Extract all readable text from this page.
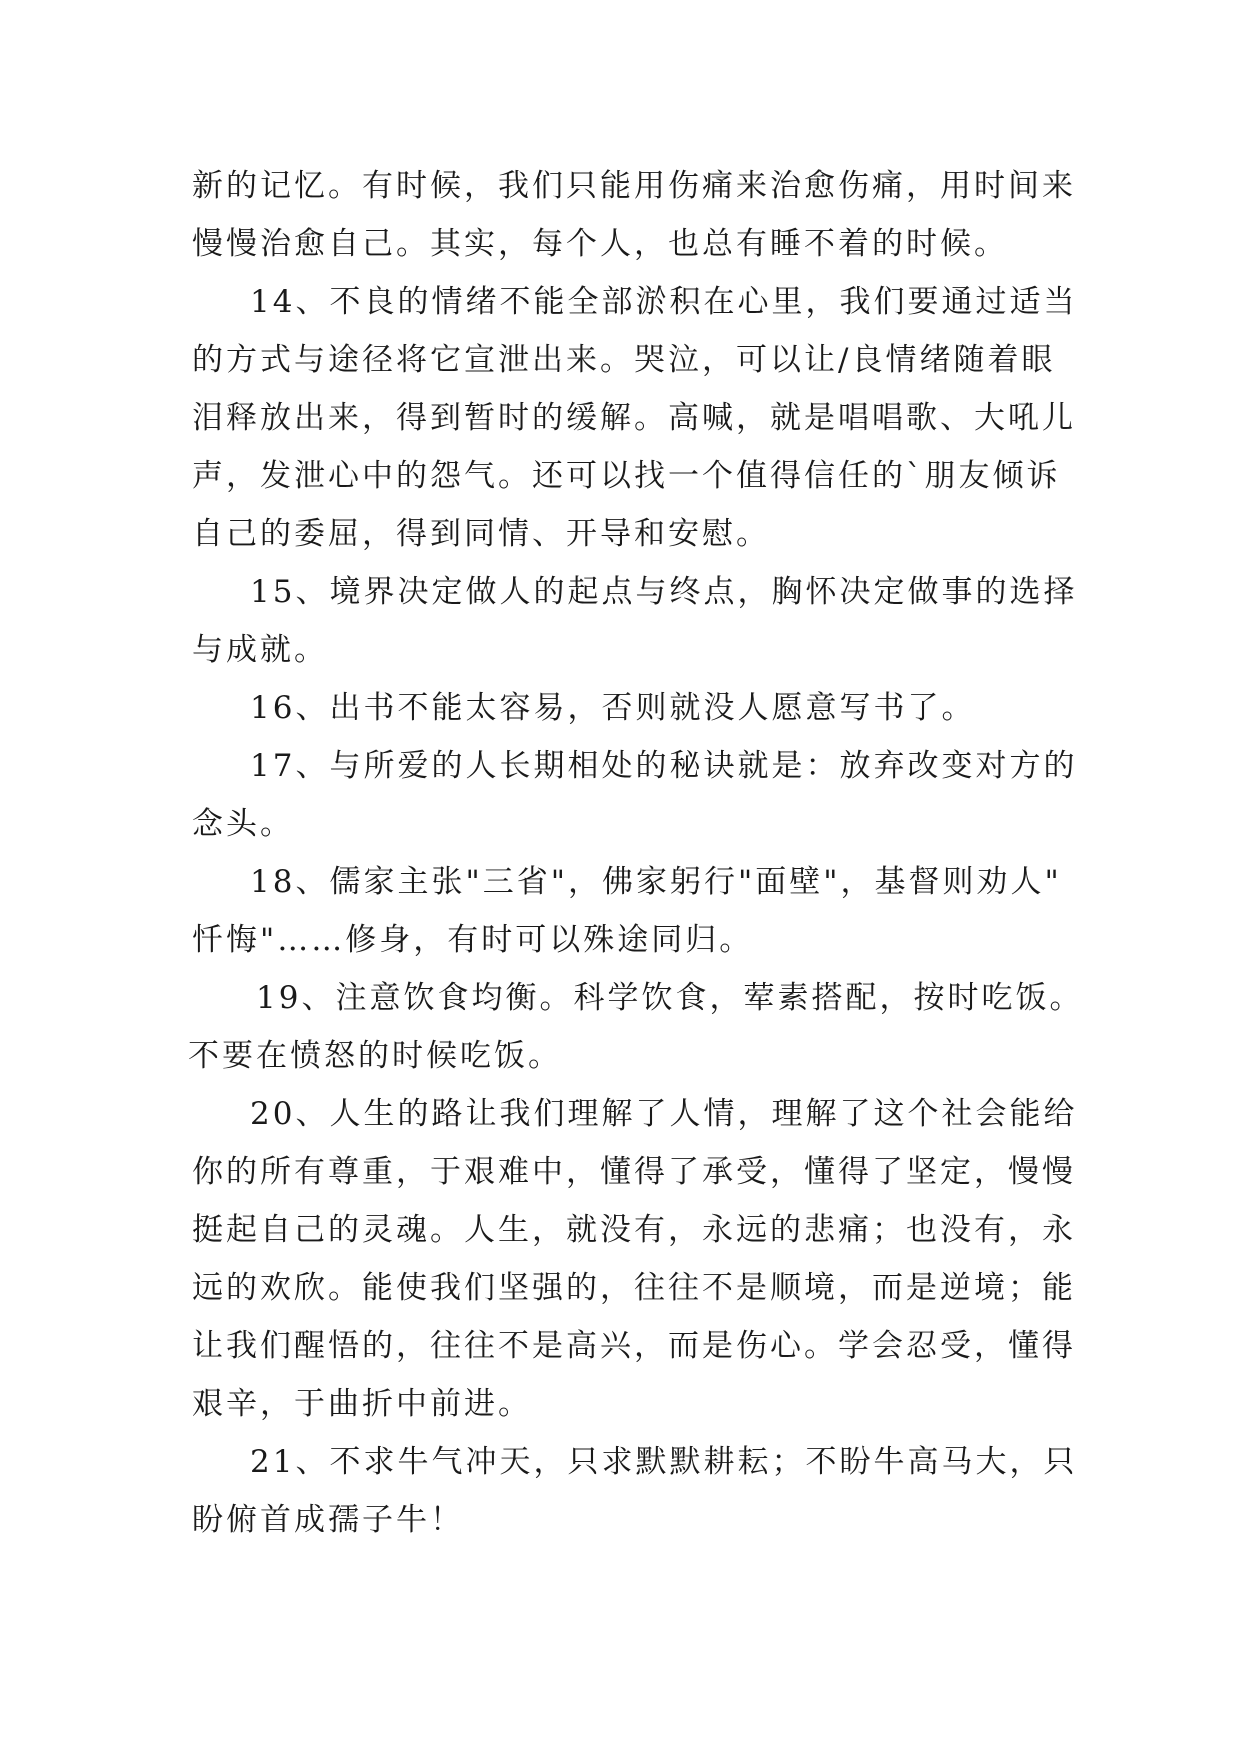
新的记忆。有时候，我们只能用伤痛来治愈伤痛，用时间来
慢慢治愈自己。其实，每个人，也总有睡不着的时候。
14、不良的情绪不能全部淤积在心里，我们要通过适当
的方式与途径将它宣泄出来。哭泣，可以让/良情绪随着眼
泪释放出来，得到暂时的缓解。高喊，就是唱唱歌、大吼儿
声，发泄心中的怨气。还可以找一个值得信任的`朋友倾诉
自己的委屈，得到同情、开导和安慰。
15、境界决定做人的起点与终点，胸怀决定做事的选择
与成就。
16、出书不能太容易，否则就没人愿意写书了。
17、与所爱的人长期相处的秘诀就是：放弃改变对方的
念头。
18、儒家主张"三省"，佛家躬行"面壁"，基督则劝人"
忏悔"……修身，有时可以殊途同归。
19、注意饮食均衡。科学饮食，荤素搭配，按时吃饭。
不要在愤怒的时候吃饭。
20、人生的路让我们理解了人情，理解了这个社会能给
你的所有尊重，于艰难中，懂得了承受，懂得了坚定，慢慢
挺起自己的灵魂。人生，就没有，永远的悲痛；也没有，永
远的欢欣。能使我们坚强的，往往不是顺境，而是逆境；能
让我们醒悟的，往往不是高兴，而是伤心。学会忍受，懂得
艰辛，于曲折中前进。
21、不求牛气冲天，只求默默耕耘；不盼牛高马大，只
盼俯首成孺子牛！
